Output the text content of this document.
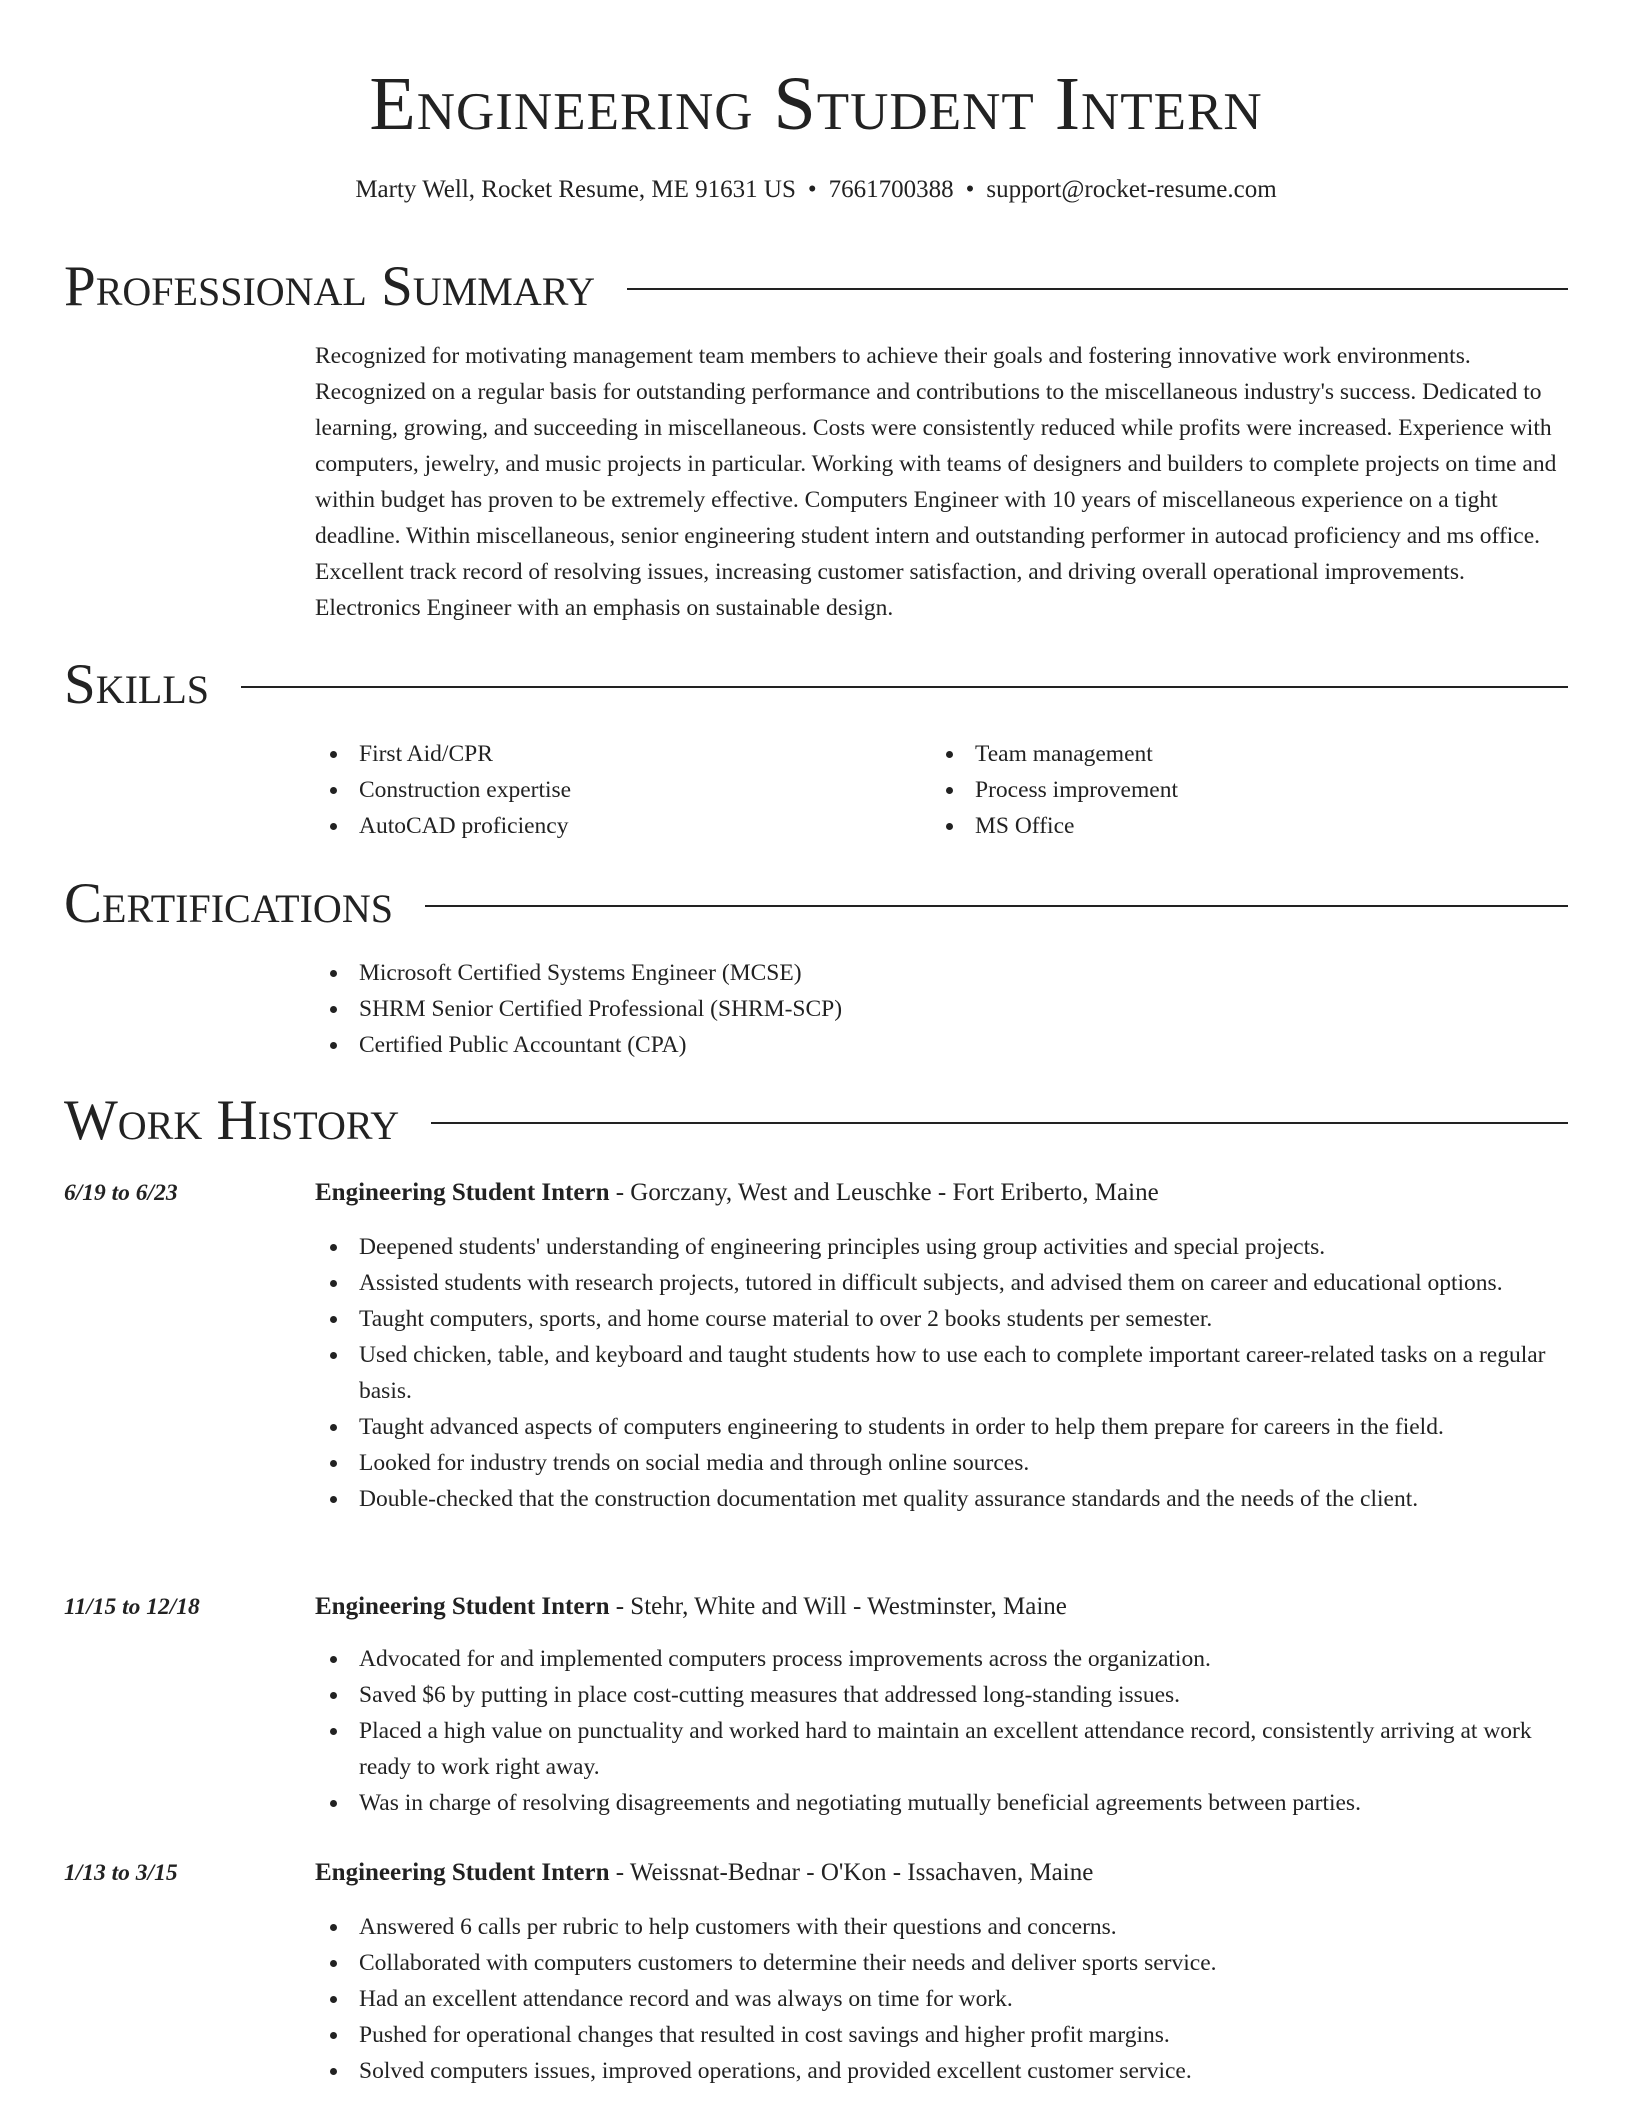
Engineering Student Intern
Marty Well, Rocket Resume, ME 91631 US • 7661700388 • support@rocket-resume.com
Professional Summary

Recognized for motivating management team members to achieve their goals and fostering innovative work environments. Recognized on a regular basis for outstanding performance and contributions to the miscellaneous industry's success. Dedicated to learning, growing, and succeeding in miscellaneous. Costs were consistently reduced while profits were increased. Experience with computers, jewelry, and music projects in particular. Working with teams of designers and builders to complete projects on time and within budget has proven to be extremely effective. Computers Engineer with 10 years of miscellaneous experience on a tight deadline. Within miscellaneous, senior engineering student intern and outstanding performer in autocad proficiency and ms office. Excellent track record of resolving issues, increasing customer satisfaction, and driving overall operational improvements. Electronics Engineer with an emphasis on sustainable design.

Skills
First Aid/CPR
Construction expertise
AutoCAD proficiency
Team management
Process improvement
MS Office
Certifications
Microsoft Certified Systems Engineer (MCSE)
SHRM Senior Certified Professional (SHRM-SCP)
Certified Public Accountant (CPA)
Work History
6/19 to 6/23	Engineering Student Intern - Gorczany, West and Leuschke - Fort Eriberto, Maine
Deepened students' understanding of engineering principles using group activities and special projects.
Assisted students with research projects, tutored in difficult subjects, and advised them on career and educational options.
Taught computers, sports, and home course material to over 2 books students per semester.
Used chicken, table, and keyboard and taught students how to use each to complete important career-related tasks on a regular basis.
Taught advanced aspects of computers engineering to students in order to help them prepare for careers in the field.
Looked for industry trends on social media and through online sources.
Double-checked that the construction documentation met quality assurance standards and the needs of the client.
11/15 to 12/18	Engineering Student Intern - Stehr, White and Will - Westminster, Maine
Advocated for and implemented computers process improvements across the organization.
Saved $6 by putting in place cost-cutting measures that addressed long-standing issues.
Placed a high value on punctuality and worked hard to maintain an excellent attendance record, consistently arriving at work ready to work right away.
Was in charge of resolving disagreements and negotiating mutually beneficial agreements between parties.
1/13 to 3/15	Engineering Student Intern - Weissnat-Bednar - O'Kon - Issachaven, Maine
Answered 6 calls per rubric to help customers with their questions and concerns.
Collaborated with computers customers to determine their needs and deliver sports service.
Had an excellent attendance record and was always on time for work.
Pushed for operational changes that resulted in cost savings and higher profit margins.
Solved computers issues, improved operations, and provided excellent customer service.
